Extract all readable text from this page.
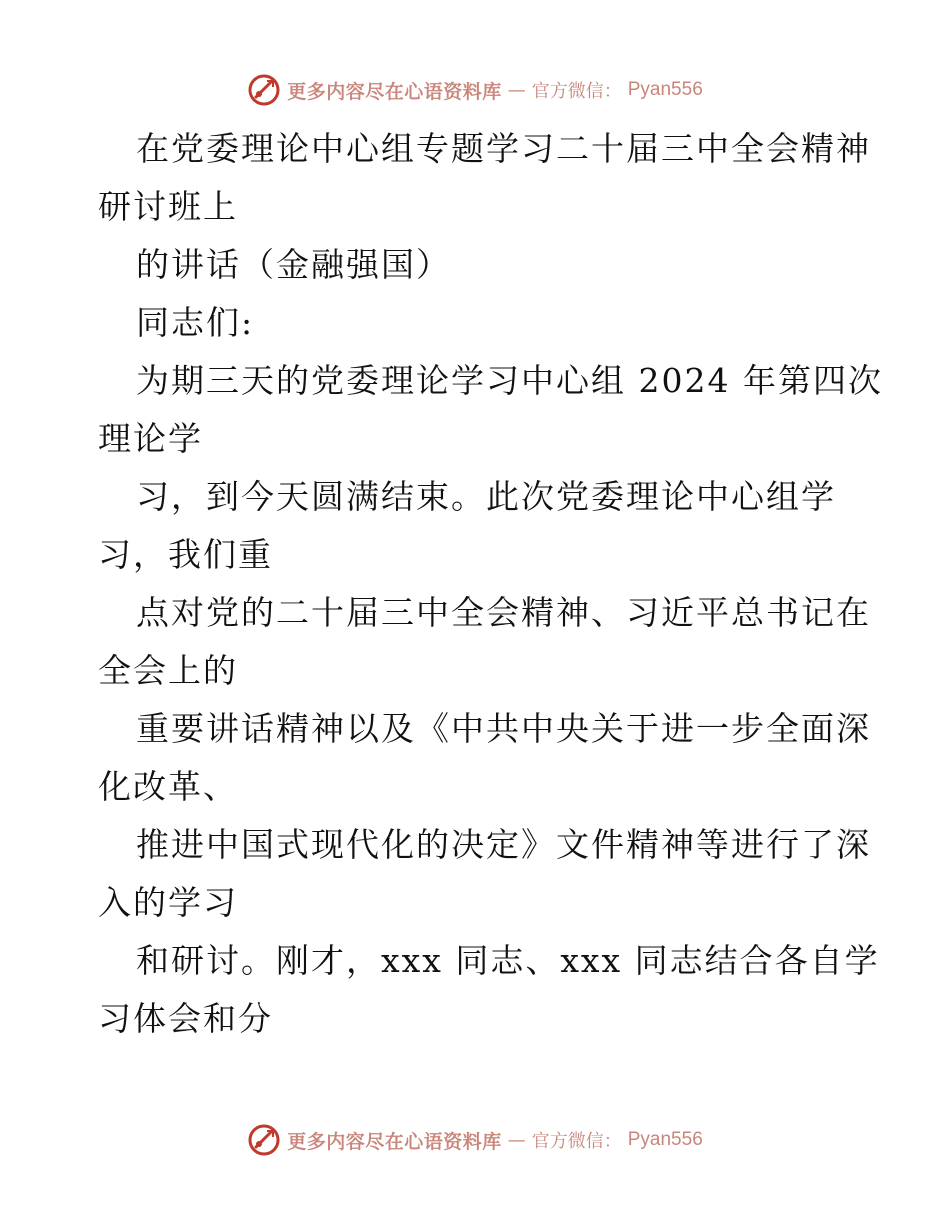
更多内容尽在心语资料库 — 官方微信： Pyan556
在党委理论中心组专题学习二十届三中全会精神
研讨班上
的讲话（金融强国）
同志们:
为期三天的党委理论学习中心组 2024 年第四次
理论学
习，到今天圆满结束。此次党委理论中心组学
习，我们重
点对党的二十届三中全会精神、习近平总书记在
全会上的
重要讲话精神以及《中共中央关于进一步全面深
化改革、
推进中国式现代化的决定》文件精神等进行了深
入的学习
和研讨。刚才，xxx 同志、xxx 同志结合各自学
习体会和分
更多内容尽在心语资料库 — 官方微信： Pyan556
